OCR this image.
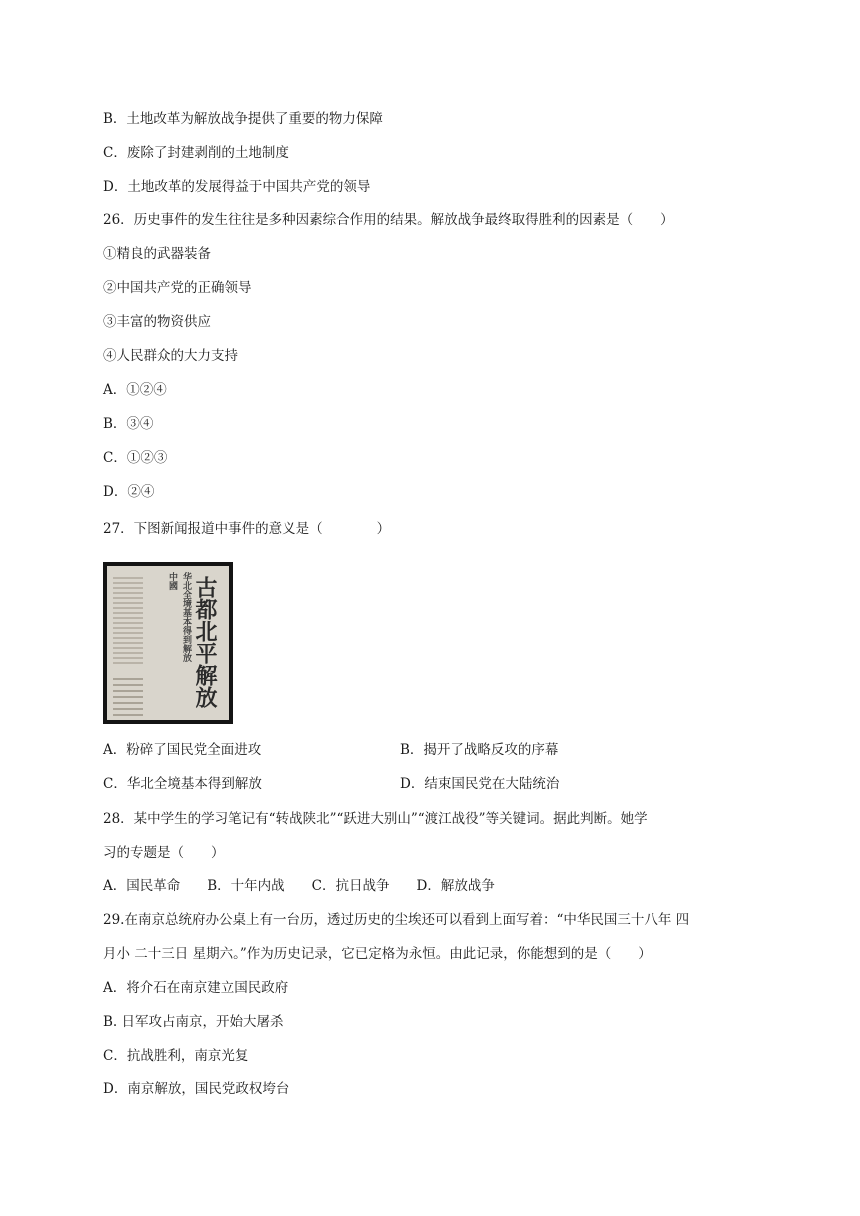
B．土地改革为解放战争提供了重要的物力保障
C．废除了封建剥削的土地制度
D．土地改革的发展得益于中国共产党的领导
26．历史事件的发生往往是多种因素综合作用的结果。解放战争最终取得胜利的因素是（　　）
①精良的武器装备
②中国共产党的正确领导
③丰富的物资供应
④人民群众的大力支持
A．①②④
B．③④
C．①②③
D．②④
27．下图新闻报道中事件的意义是（　　　　）
华北全境基本得到解放
中國 古都北平解放
A．粉碎了国民党全面进攻	B．揭开了战略反攻的序幕
C．华北全境基本得到解放	D．结束国民党在大陆统治
28．某中学生的学习笔记有“转战陕北”“跃进大别山”“渡江战役”等关键词。据此判断。她学
习的专题是（　　）
A．国民革命　　B．十年内战　　C．抗日战争　　D．解放战争
29.在南京总统府办公桌上有一台历，透过历史的尘埃还可以看到上面写着：“中华民国三十八年 四
月小 二十三日 星期六。”作为历史记录，它已定格为永恒。由此记录，你能想到的是（　　）
A．将介石在南京建立国民政府
B. 日军攻占南京，开始大屠杀
C．抗战胜利，南京光复
D．南京解放，国民党政权垮台
